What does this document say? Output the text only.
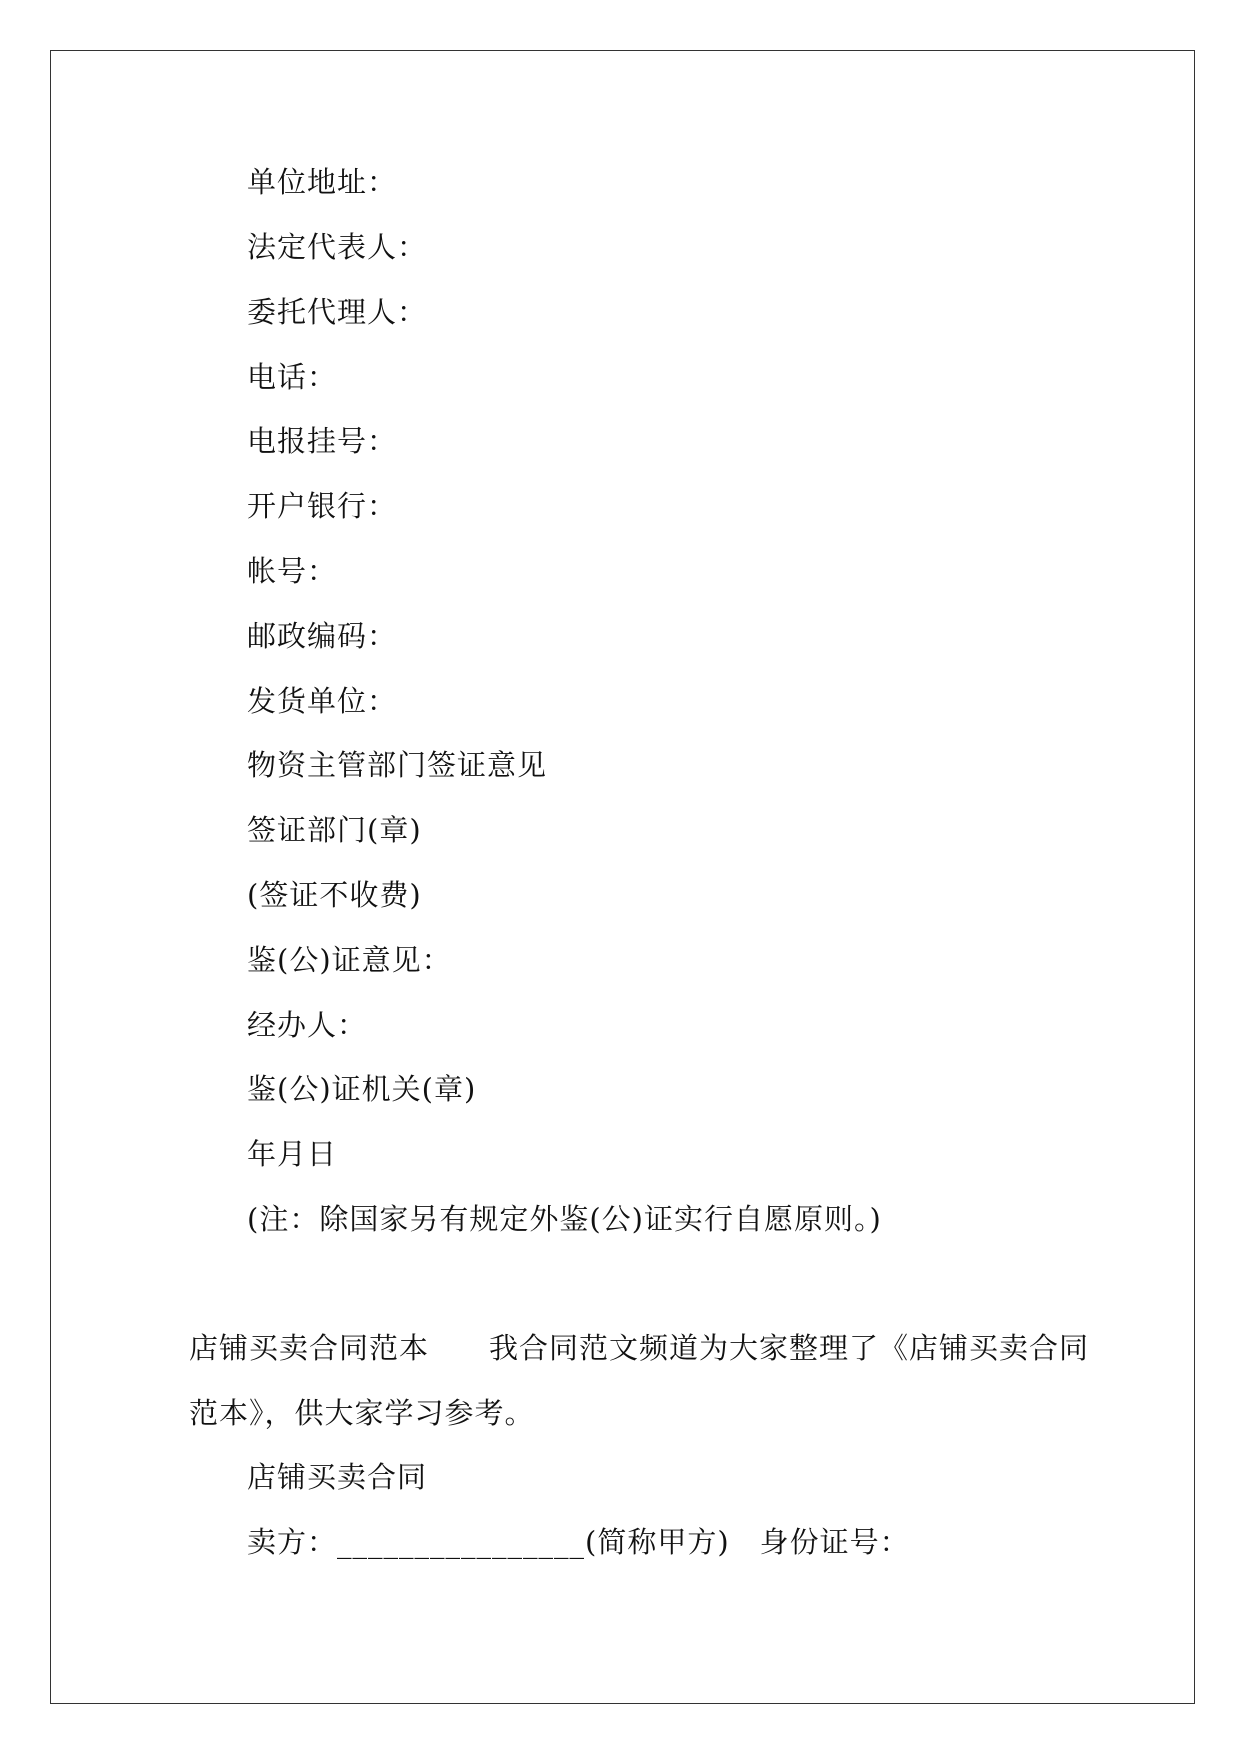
单位地址：
法定代表人：
委托代理人：
电话：
电报挂号：
开户银行：
帐号：
邮政编码：
发货单位：
物资主管部门签证意见
签证部门(章)
(签证不收费)
鉴(公)证意见：
经办人：
鉴(公)证机关(章)
年月日
(注：除国家另有规定外鉴(公)证实行自愿原则。)
店铺买卖合同范本　　我合同范文频道为大家整理了《店铺买卖合同
范本》，供大家学习参考。
店铺买卖合同
卖方：________________(简称甲方)　身份证号：
